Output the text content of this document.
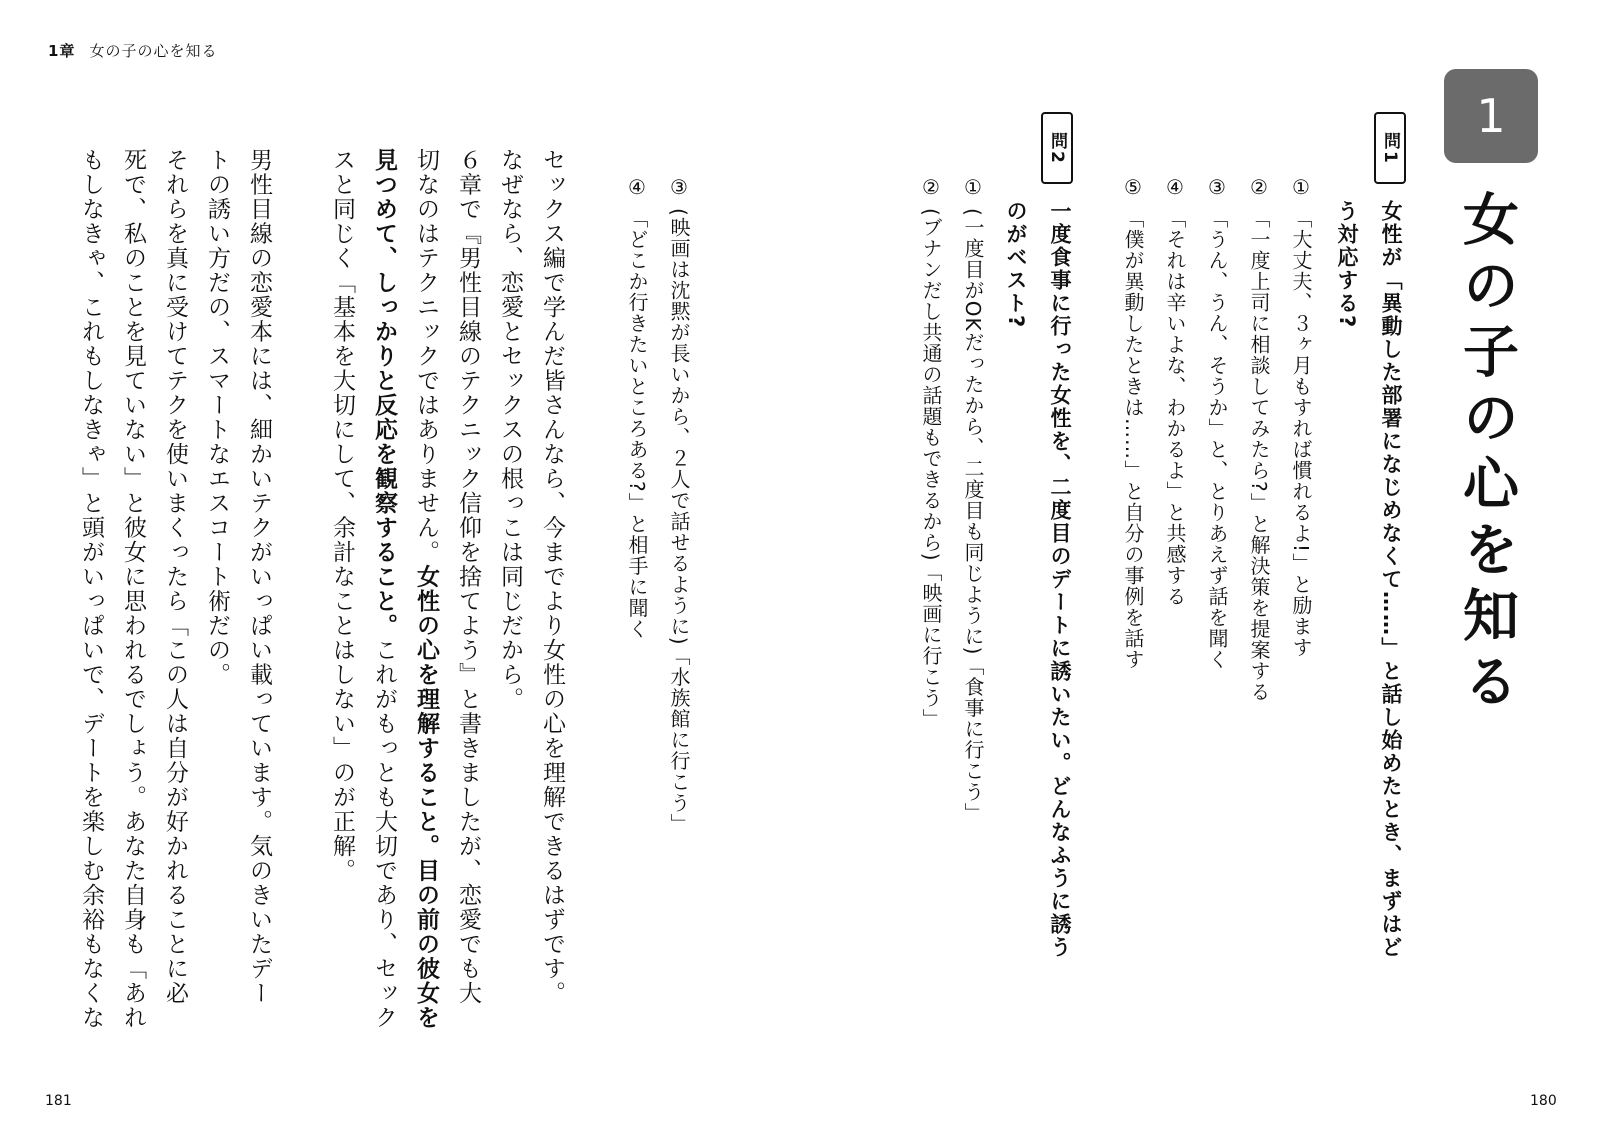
1章 女の子の心を知る
1
女の子の心を知る
問1
女性が「異動した部署になじめなくて……」と話し始めたとき、まずはど
う対応する?
①「大丈夫、３ヶ月もすれば慣れるよ!」と励ます
②「一度上司に相談してみたら?」と解決策を提案する
③「うん、うん、そうか」と、とりあえず話を聞く
④「それは辛いよな、わかるよ」と共感する
⑤「僕が異動したときは……」と自分の事例を話す
問2
一度食事に行った女性を、二度目のデートに誘いたい。どんなふうに誘う
のがベスト?
①(一度目がOKだったから、二度目も同じように)「食事に行こう」
②(ブナンだし共通の話題もできるから)「映画に行こう」
③(映画は沈黙が長いから、２人で話せるように)「水族館に行こう」
④「どこか行きたいところある?」と相手に聞く
セックス編で学んだ皆さんなら、今までより女性の心を理解できるはずです。
なぜなら、恋愛とセックスの根っこは同じだから。
６章で『男性目線のテクニック信仰を捨てよう』と書きましたが、恋愛でも大
切なのはテクニックではありません。女性の心を理解すること。目の前の彼女を
見つめて、しっかりと反応を観察すること。これがもっとも大切であり、セック
スと同じく「基本を大切にして、余計なことはしない」のが正解。
男性目線の恋愛本には、細かいテクがいっぱい載っています。気のきいたデー
トの誘い方だの、スマートなエスコート術だの。
それらを真に受けてテクを使いまくったら「この人は自分が好かれることに必
死で、私のことを見ていない」と彼女に思われるでしょう。あなた自身も「あれ
もしなきゃ、これもしなきゃ」と頭がいっぱいで、デートを楽しむ余裕もなくな
181	180
